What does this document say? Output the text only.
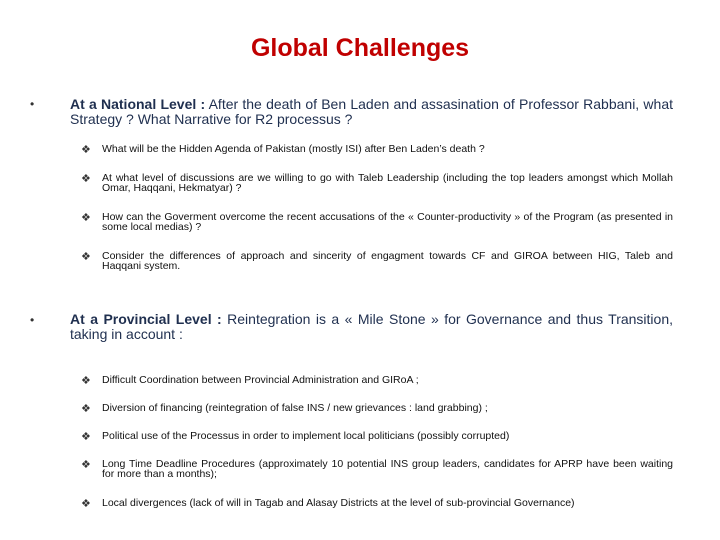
Global Challenges
•	At a National Level : After the death of Ben Laden and assasination of Professor Rabbani, what Strategy ? What Narrative for R2 processus ?
❖ What will be the Hidden Agenda of Pakistan (mostly ISI) after Ben Laden’s death ?
❖ At what level of discussions are we willing to go with Taleb Leadership (including the top leaders amongst which Mollah Omar, Haqqani, Hekmatyar) ?
❖ How can the Goverment overcome the recent accusations of the « Counter-productivity » of the Program (as presented in some local medias) ?
❖ Consider the differences of approach and sincerity of engagment towards CF and GIROA between HIG, Taleb and Haqqani system.
•	At a Provincial Level : Reintegration is a « Mile Stone » for Governance and thus Transition, taking in account :
❖ Difficult Coordination between Provincial Administration and GIRoA ;
❖ Diversion of financing (reintegration of false INS / new grievances : land grabbing) ;
❖ Political use of the Processus in order to implement local politicians (possibly corrupted)
❖ Long Time Deadline Procedures (approximately 10 potential INS group leaders, candidates for APRP have been waiting for more than a months);
❖ Local divergences (lack of will in Tagab and Alasay Districts at the level of sub-provincial Governance)
